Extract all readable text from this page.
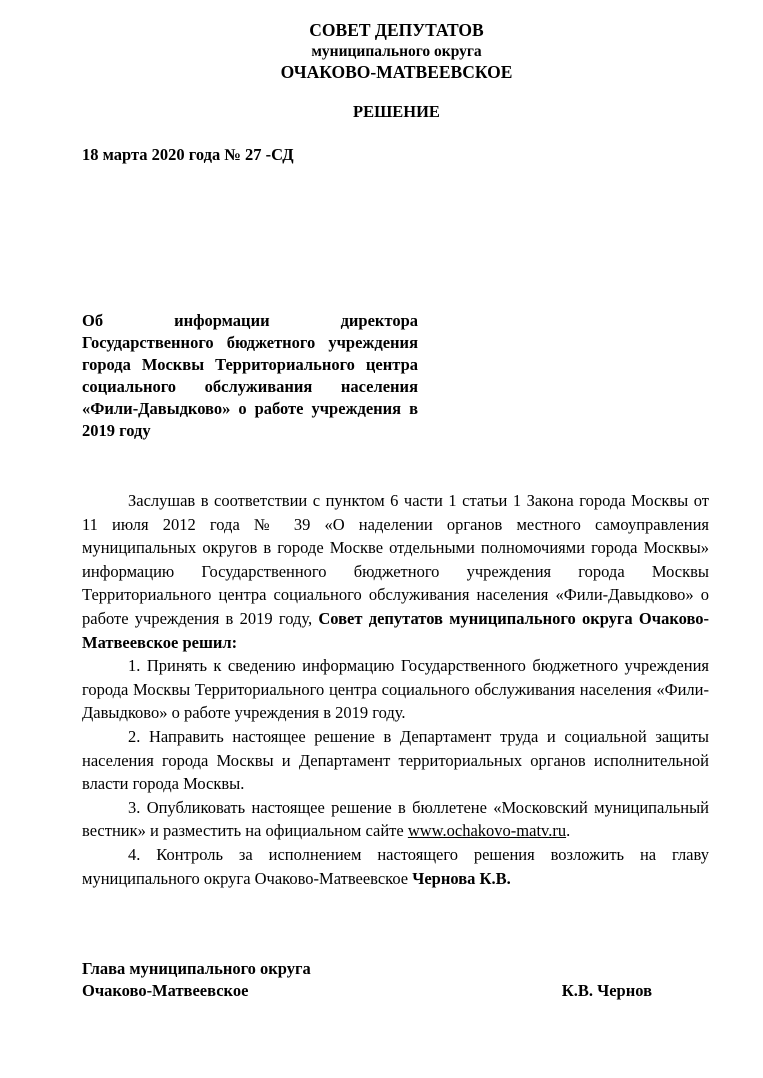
СОВЕТ ДЕПУТАТОВ
муниципального округа
ОЧАКОВО-МАТВЕЕВСКОЕ
РЕШЕНИЕ
18 марта 2020 года № 27 -СД
Об информации директора Государственного бюджетного учреждения города Москвы Территориального центра социального обслуживания населения «Фили-Давыдково» о работе учреждения в 2019 году

Заслушав в соответствии с пунктом 6 части 1 статьи 1 Закона города Москвы от 11 июля 2012 года № 39 «О наделении органов местного самоуправления муниципальных округов в городе Москве отдельными полномочиями города Москвы» информацию Государственного бюджетного учреждения города Москвы Территориального центра социального обслуживания населения «Фили-Давыдково» о работе учреждения в 2019 году, Совет депутатов муниципального округа Очаково-Матвеевское решил:

1. Принять к сведению информацию Государственного бюджетного учреждения города Москвы Территориального центра социального обслуживания населения «Фили-Давыдково» о работе учреждения в 2019 году.

2. Направить настоящее решение в Департамент труда и социальной защиты населения города Москвы и Департамент территориальных органов исполнительной власти города Москвы.

3. Опубликовать настоящее решение в бюллетене «Московский муниципальный вестник» и разместить на официальном сайте www.ochakovo-matv.ru.

4. Контроль за исполнением настоящего решения возложить на главу муниципального округа Очаково-Матвеевское Чернова К.В.

Глава муниципального округа
Очаково-Матвеевское	К.В. Чернов
